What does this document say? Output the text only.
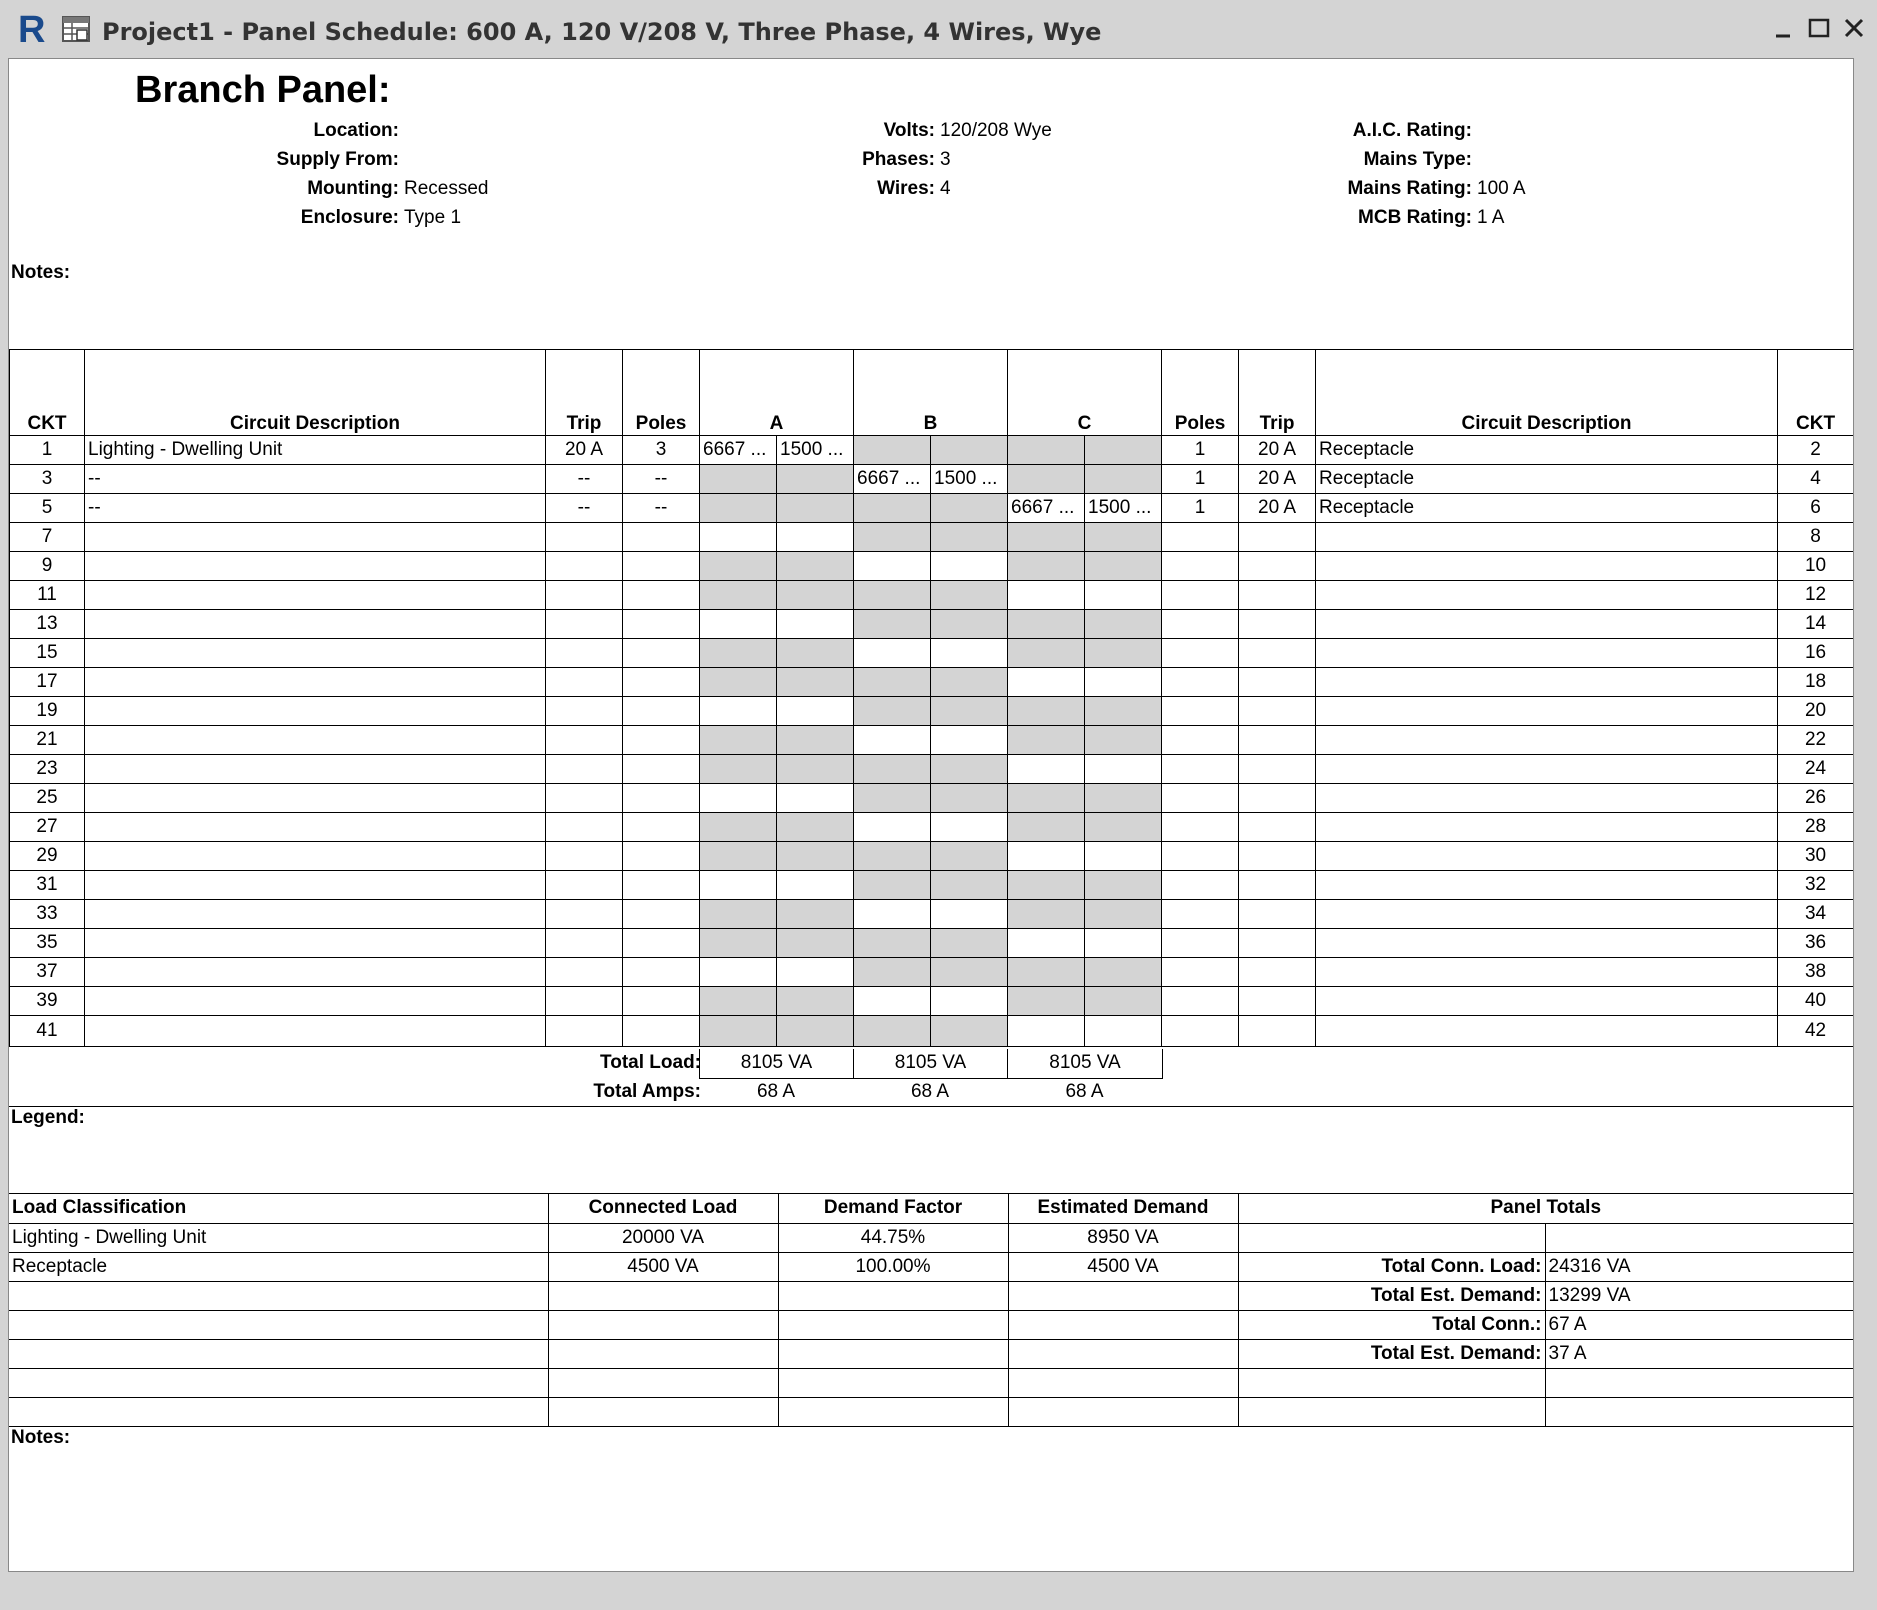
R Project1 - Panel Schedule: 600 A, 120 V/208 V, Three Phase, 4 Wires, Wye
Branch Panel:
Location:
Supply From:
Mounting: Recessed
Enclosure: Type 1
Volts: 120/208 Wye
Phases: 3
Wires: 4
A.I.C. Rating:
Mains Type:
Mains Rating: 100 A
MCB Rating: 1 A
Notes:
CKT	Circuit Description	Trip	Poles	A		B		C		Poles	Trip	Circuit Description	CKT
1	Lighting - Dwelling Unit	20 A	3	6667 ...	1500 ...					1	20 A	Receptacle	2
3	--	--	--			6667 ...	1500 ...			1	20 A	Receptacle	4
5	--	--	--					6667 ...	1500 ...	1	20 A	Receptacle	6
7													8
9													10
11													12
13													14
15													16
17													18
19													20
21													22
23													24
25													26
27													28
29													30
31													32
33													34
35													36
37													38
39													40
41													42
Total Load:
Total Amps:
8105 VA	8105 VA	8105 VA
68 A	68 A	68 A
Legend:
Load Classification	Connected Load	Demand Factor	Estimated Demand	Panel Totals	
Lighting - Dwelling Unit	20000 VA	44.75%	8950 VA		
Receptacle	4500 VA	100.00%	4500 VA	Total Conn. Load:	24316 VA
				Total Est. Demand:	13299 VA
				Total Conn.:	67 A
				Total Est. Demand:	37 A

Notes:
